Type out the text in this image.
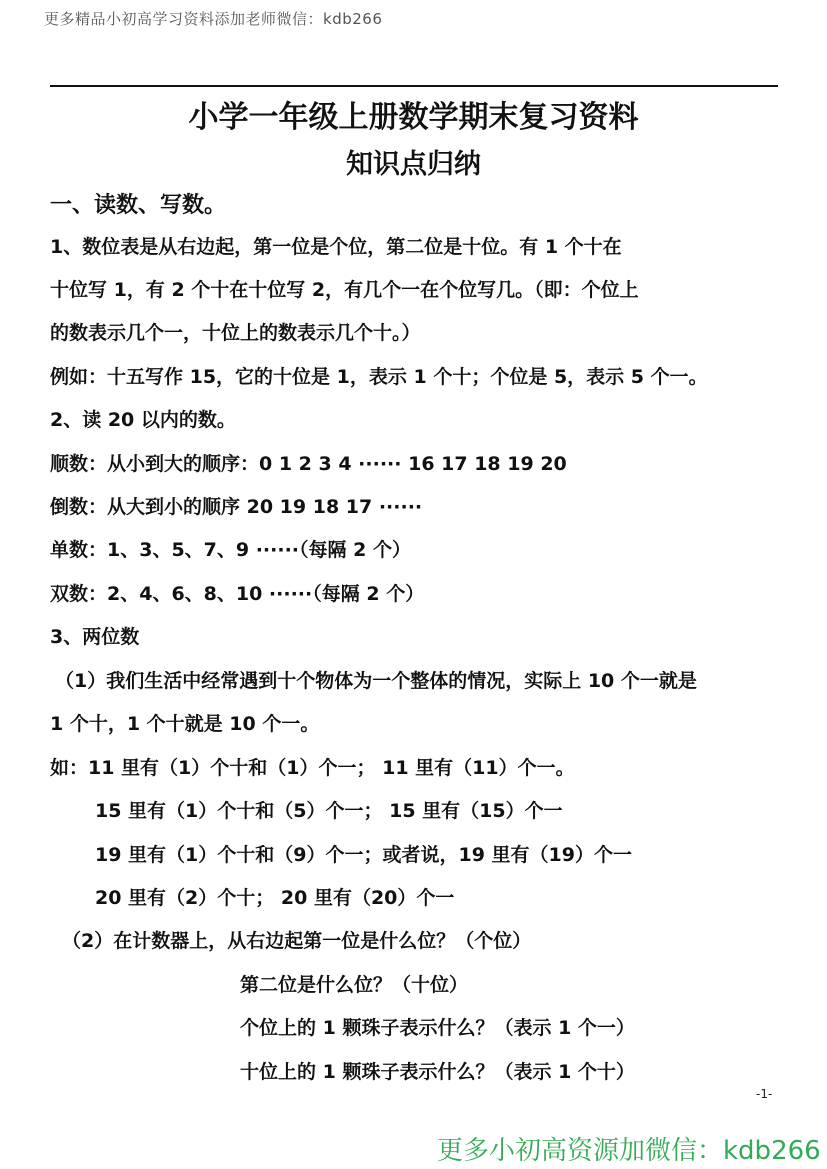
更多精品小初高学习资料添加老师微信：kdb266
小学一年级上册数学期末复习资料
知识点归纳
一、读数、写数。
1、数位表是从右边起，第一位是个位，第二位是十位。有 1 个十在
十位写 1，有 2 个十在十位写 2，有几个一在个位写几。（即：个位上
的数表示几个一，十位上的数表示几个十。）
例如：十五写作 15，它的十位是 1，表示 1 个十；个位是 5，表示 5 个一。
2、读 20 以内的数。
顺数：从小到大的顺序：0 1 2 3 4 ······ 16 17 18 19 20
倒数：从大到小的顺序 20 19 18 17 ······
单数：1、3、5、7、9 ······（每隔 2 个）
双数：2、4、6、8、10 ······（每隔 2 个）
3、两位数
（1）我们生活中经常遇到十个物体为一个整体的情况，实际上 10 个一就是
1 个十，1 个十就是 10 个一。
如：11 里有（1）个十和（1）个一； 11 里有（11）个一。
15 里有（1）个十和（5）个一； 15 里有（15）个一
19 里有（1）个十和（9）个一；或者说，19 里有（19）个一
20 里有（2）个十； 20 里有（20）个一
（2）在计数器上，从右边起第一位是什么位？（个位）
第二位是什么位？（十位）
个位上的 1 颗珠子表示什么？（表示 1 个一）
十位上的 1 颗珠子表示什么？（表示 1 个十）
-1-
更多小初高资源加微信：kdb266
